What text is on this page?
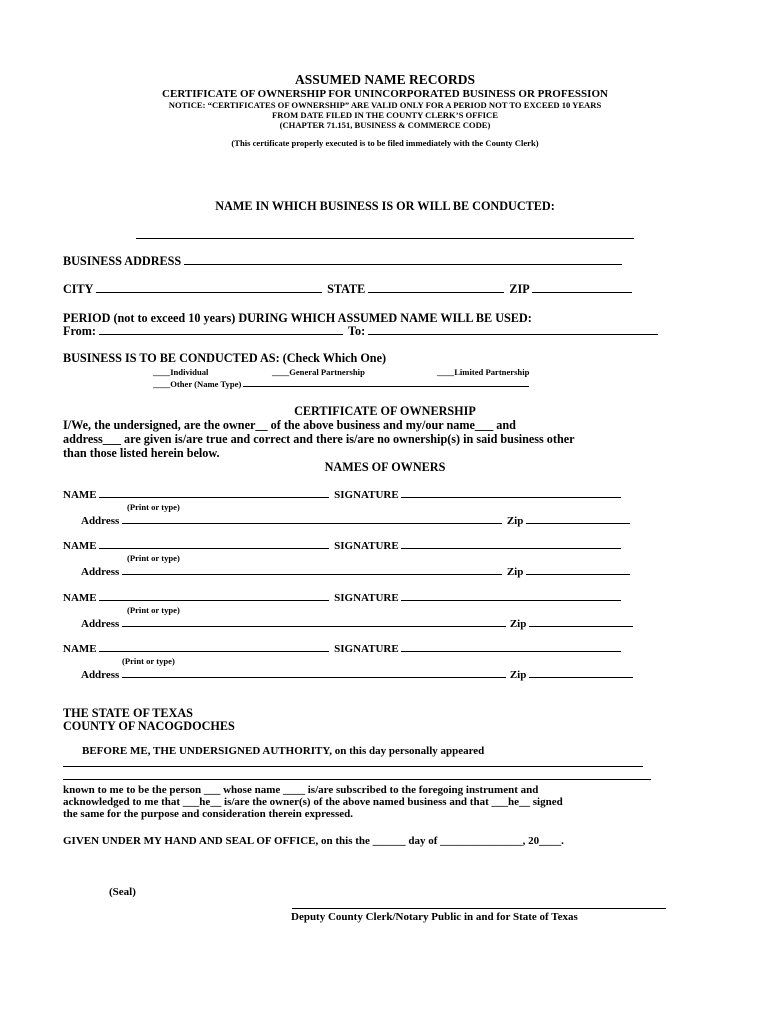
ASSUMED NAME RECORDS
CERTIFICATE OF OWNERSHIP FOR UNINCORPORATED BUSINESS OR PROFESSION
NOTICE: “CERTIFICATES OF OWNERSHIP” ARE VALID ONLY FOR A PERIOD NOT TO EXCEED 10 YEARS
FROM DATE FILED IN THE COUNTY CLERK’S OFFICE
(CHAPTER 71.151, BUSINESS & COMMERCE CODE)
(This certificate properly executed is to be filed immediately with the County Clerk)
NAME IN WHICH BUSINESS IS OR WILL BE CONDUCTED:
BUSINESS ADDRESS
CITY	STATE	ZIP
PERIOD (not to exceed 10 years) DURING WHICH ASSUMED NAME WILL BE USED:
From:	To:
BUSINESS IS TO BE CONDUCTED AS: (Check Which One)
____Individual	____General Partnership	____Limited Partnership
____Other (Name Type)
CERTIFICATE OF OWNERSHIP
I/We, the undersigned, are the owner__ of the above business and my/our name___ and
address___ are given is/are true and correct and there is/are no ownership(s) in said business other
than those listed herein below.
NAMES OF OWNERS
NAME	SIGNATURE
(Print or type)
Address	Zip
NAME	SIGNATURE
(Print or type)
Address	Zip
NAME	SIGNATURE
(Print or type)
Address	Zip
NAME	SIGNATURE
(Print or type)
Address	Zip
THE STATE OF TEXAS
COUNTY OF NACOGDOCHES
BEFORE ME, THE UNDERSIGNED AUTHORITY, on this day personally appeared
known to me to be the person ___ whose name ____ is/are subscribed to the foregoing instrument and
acknowledged to me that ___he__ is/are the owner(s) of the above named business and that ___he__ signed
the same for the purpose and consideration therein expressed.
GIVEN UNDER MY HAND AND SEAL OF OFFICE, on this the ______ day of _______________, 20____.
(Seal)
Deputy County Clerk/Notary Public in and for State of Texas
